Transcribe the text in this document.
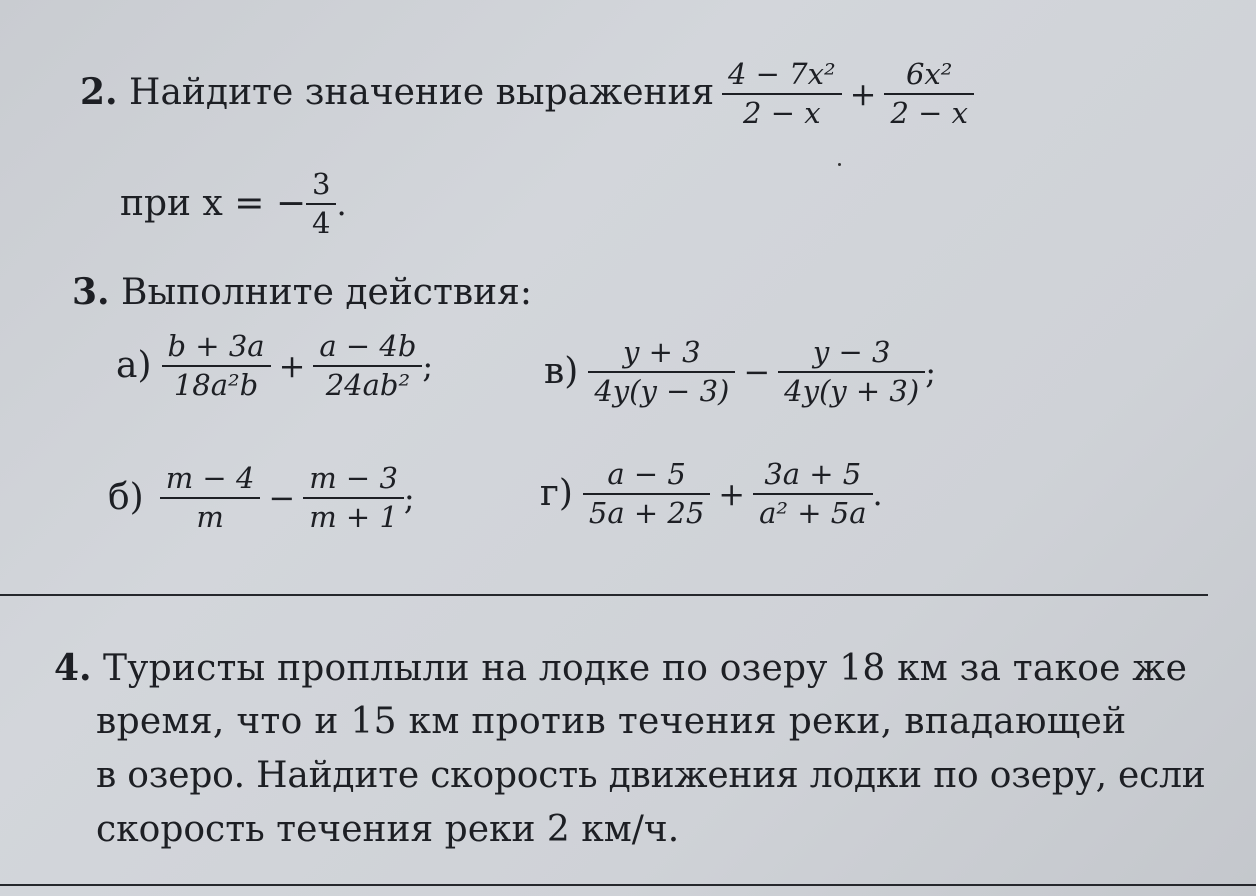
2. Найдите значение выражения $\frac{\text{4 − 7x²}}{2 - x} + \frac{\text{6x²}}{2 - x}$
при x = − $\frac{3}{4}$ .
3. Выполните действия:
$а) \frac{b + 3a}{\text{18a²b}} + \frac{a - 4b}{\text{24ab²}}$ ;	$в) \frac{y + 3}{4y(y - 3)} - \frac{y - 3}{4y(y + 3)}$ ;
$б) \frac{m - 4}{m} - \frac{m - 3}{m + 1}$ ;	$г) \frac{a - 5}{5a + 25} + \frac{3a + 5}{\text{a² + 5a}}$ .
4. Туристы проплыли на лодке по озеру 18 км за такое же
время, что и 15 км против течения реки, впадающей
в озеро. Найдите скорость движения лодки по озеру, если
скорость течения реки 2 км/ч.
